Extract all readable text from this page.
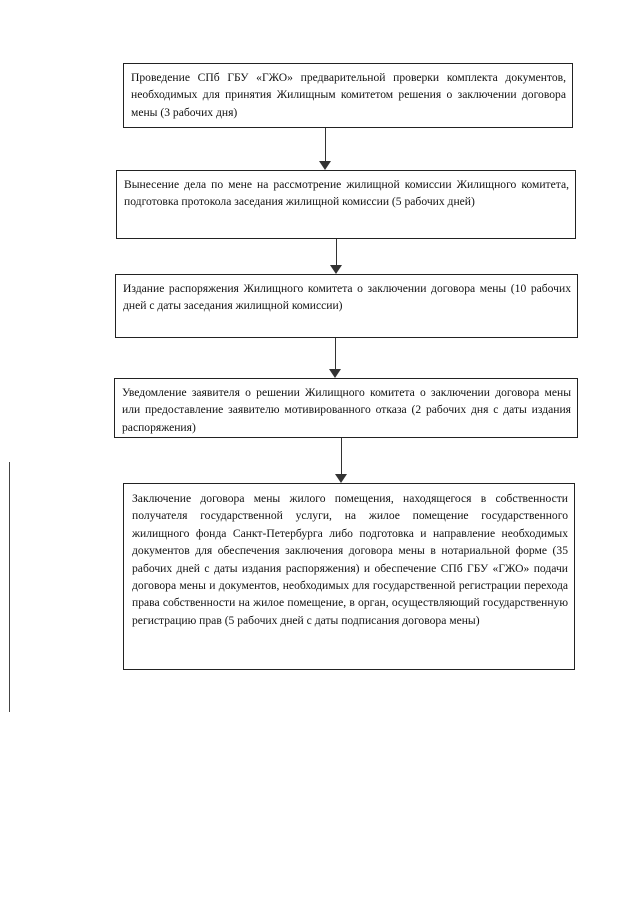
Проведение СПб ГБУ «ГЖО» предварительной проверки комплекта документов, необходимых для принятия Жилищным комитетом решения о заключении договора мены (3 рабочих дня)
Вынесение дела по мене на рассмотрение жилищной комиссии Жилищного комитета, подготовка протокола заседания жилищной комиссии (5 рабочих дней)
Издание распоряжения Жилищного комитета о заключении договора мены (10 рабочих дней с даты заседания жилищной комиссии)
Уведомление заявителя о решении Жилищного комитета о заключении договора мены или предоставление заявителю мотивированного отказа (2 рабочих дня с даты издания распоряжения)
Заключение договора мены жилого помещения, находящегося в собственности получателя государственной услуги, на жилое помещение государственного жилищного фонда Санкт-Петербурга либо подготовка и направление необходимых документов для обеспечения заключения договора мены в нотариальной форме (35 рабочих дней с даты издания распоряжения) и обеспечение СПб ГБУ «ГЖО» подачи договора мены и документов, необходимых для государственной регистрации перехода права собственности на жилое помещение, в орган, осуществляющий государственную регистрацию прав (5 рабочих дней с даты подписания договора мены)
